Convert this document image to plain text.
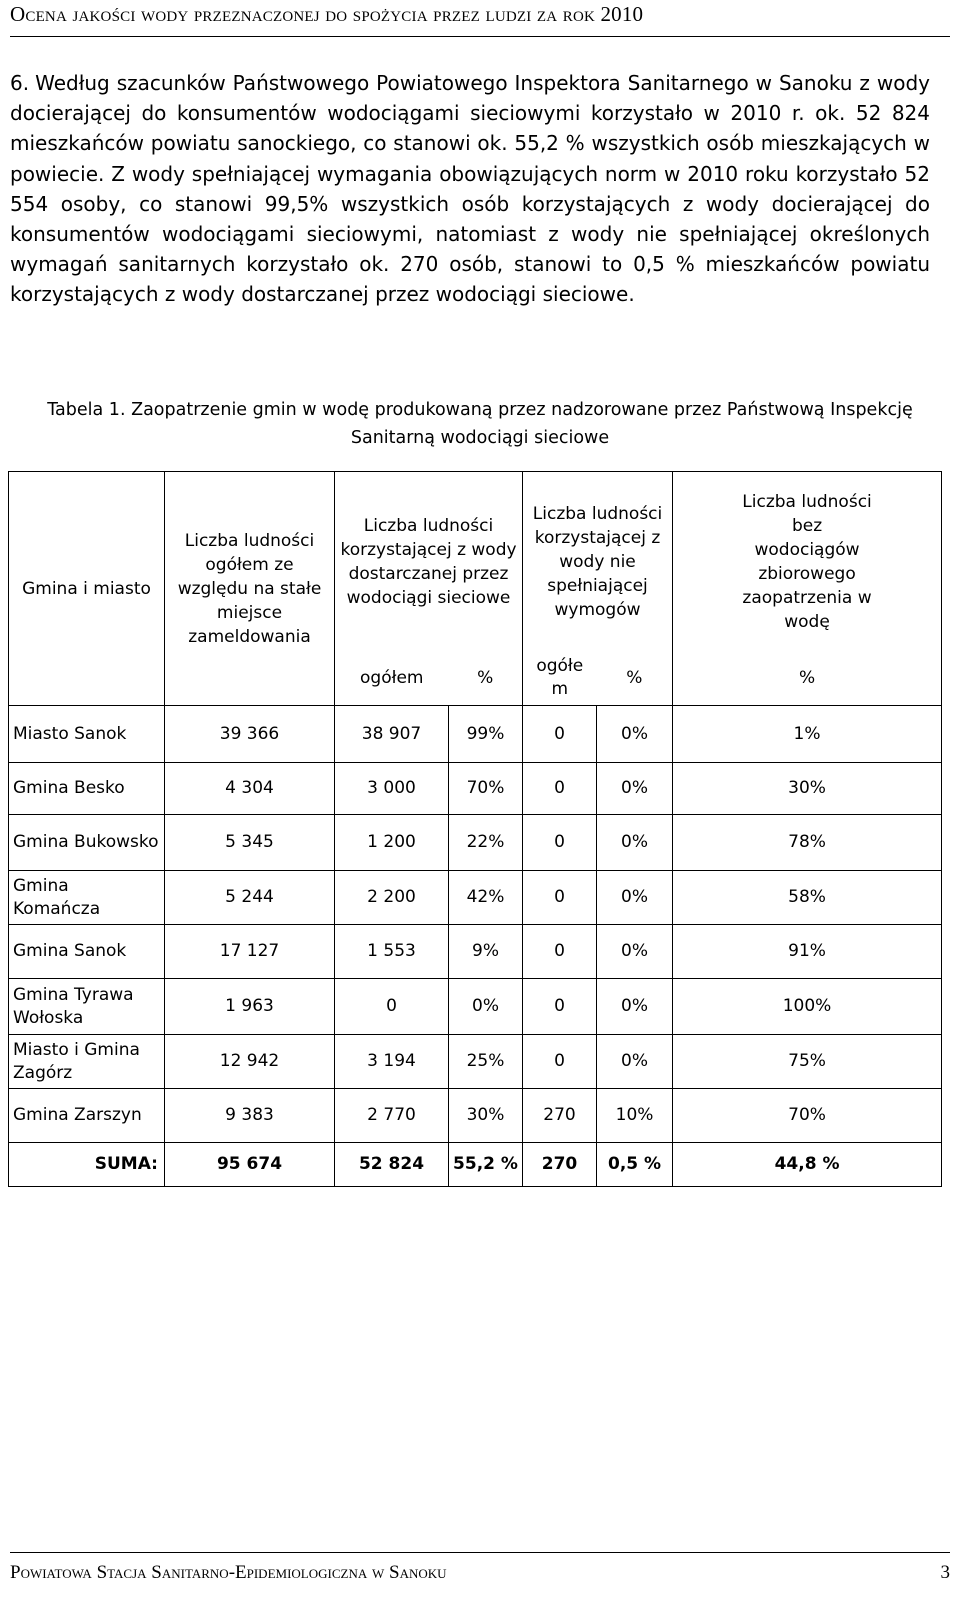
Ocena jakości wody przeznaczonej do spożycia przez ludzi za rok 2010

6. Według szacunków Państwowego Powiatowego Inspektora Sanitarnego w Sanoku z wody docierającej do konsumentów wodociągami sieciowymi korzystało w 2010 r. ok. 52 824 mieszkańców powiatu sanockiego, co stanowi ok. 55,2 % wszystkich osób mieszkających w powiecie. Z wody spełniającej wymagania obowiązujących norm w 2010 roku korzystało 52 554 osoby, co stanowi 99,5% wszystkich osób korzystających z wody docierającej do konsumentów wodociągami sieciowymi, natomiast z wody nie spełniającej określonych wymagań sanitarnych korzystało ok. 270 osób, stanowi to 0,5 % mieszkańców powiatu korzystających z wody dostarczanej przez wodociągi sieciowe.

Tabela 1. Zaopatrzenie gmin w wodę produkowaną przez nadzorowane przez Państwową Inspekcję Sanitarną wodociągi sieciowe

Gmina i miasto	Liczba ludności ogółem ze względu na stałe miejsce zameldowania	Liczba ludności korzystającej z wody dostarczanej przez wodociągi sieciowe		Liczba ludności korzystającej z wody nie spełniającej wymogów		Liczba ludności bez wodociągów zbiorowego zaopatrzenia w wodę
		ogółem	%	ogółe m	%	%
Miasto Sanok	39 366	38 907	99%	0	0%	1%
Gmina Besko	4 304	3 000	70%	0	0%	30%
Gmina Bukowsko	5 345	1 200	22%	0	0%	78%
Gmina Komańcza	5 244	2 200	42%	0	0%	58%
Gmina Sanok	17 127	1 553	9%	0	0%	91%
Gmina Tyrawa Wołoska	1 963	0	0%	0	0%	100%
Miasto i Gmina Zagórz	12 942	3 194	25%	0	0%	75%
Gmina Zarszyn	9 383	2 770	30%	270	10%	70%
SUMA:	95 674	52 824	55,2 %	270	0,5 %	44,8 %
Powiatowa Stacja Sanitarno-Epidemiologiczna w Sanoku	3
